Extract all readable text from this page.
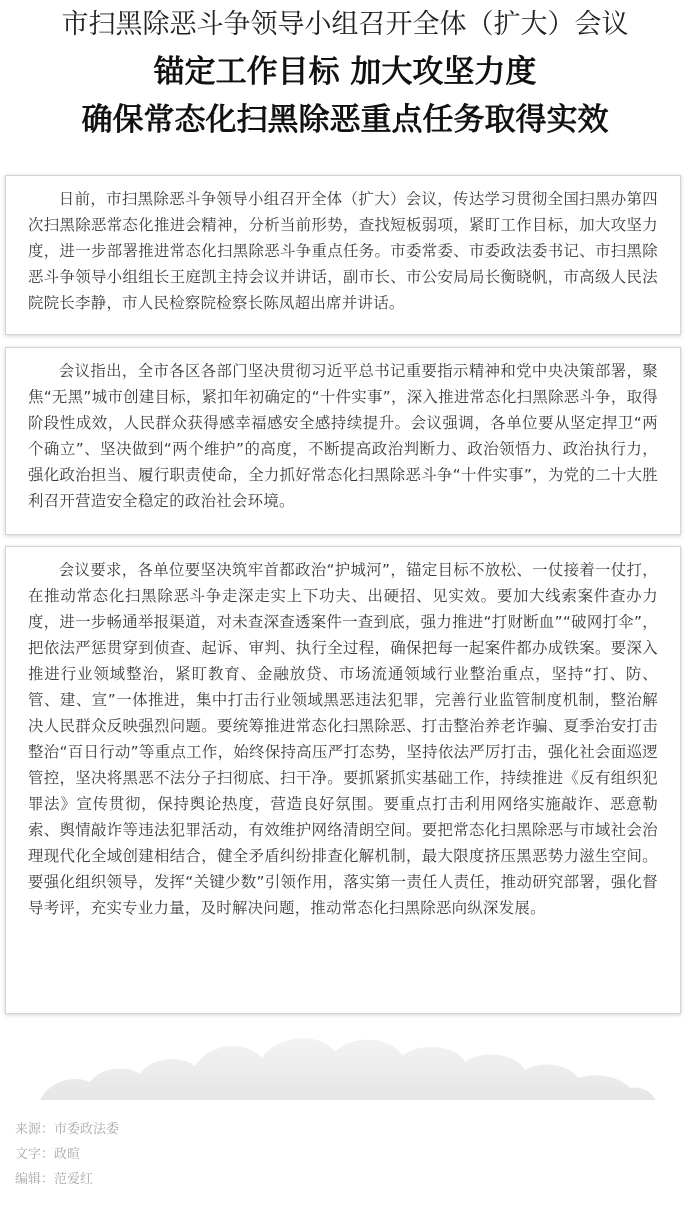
市扫黑除恶斗争领导小组召开全体（扩大）会议
锚定工作目标 加大攻坚力度
确保常态化扫黑除恶重点任务取得实效

日前，市扫黑除恶斗争领导小组召开全体（扩大）会议，传达学习贯彻全国扫黑办第四次扫黑除恶常态化推进会精神，分析当前形势，查找短板弱项，紧盯工作目标，加大攻坚力度，进一步部署推进常态化扫黑除恶斗争重点任务。市委常委、市委政法委书记、市扫黑除恶斗争领导小组组长王庭凯主持会议并讲话，副市长、市公安局局长衡晓帆，市高级人民法院院长李静，市人民检察院检察长陈凤超出席并讲话。

会议指出，全市各区各部门坚决贯彻习近平总书记重要指示精神和党中央决策部署，聚焦“无黑”城市创建目标，紧扣年初确定的“十件实事”，深入推进常态化扫黑除恶斗争，取得阶段性成效，人民群众获得感幸福感安全感持续提升。会议强调，各单位要从坚定捍卫“两个确立”、坚决做到“两个维护”的高度，不断提高政治判断力、政治领悟力、政治执行力，强化政治担当、履行职责使命，全力抓好常态化扫黑除恶斗争“十件实事”，为党的二十大胜利召开营造安全稳定的政治社会环境。

会议要求，各单位要坚决筑牢首都政治“护城河”，锚定目标不放松、一仗接着一仗打，在推动常态化扫黑除恶斗争走深走实上下功夫、出硬招、见实效。要加大线索案件查办力度，进一步畅通举报渠道，对未查深查透案件一查到底，强力推进“打财断血”“破网打伞”，把依法严惩贯穿到侦查、起诉、审判、执行全过程，确保把每一起案件都办成铁案。要深入推进行业领域整治，紧盯教育、金融放贷、市场流通领域行业整治重点，坚持“打、防、管、建、宣”一体推进，集中打击行业领域黑恶违法犯罪，完善行业监管制度机制，整治解决人民群众反映强烈问题。要统筹推进常态化扫黑除恶、打击整治养老诈骗、夏季治安打击整治“百日行动”等重点工作，始终保持高压严打态势，坚持依法严厉打击，强化社会面巡逻管控，坚决将黑恶不法分子扫彻底、扫干净。要抓紧抓实基础工作，持续推进《反有组织犯罪法》宣传贯彻，保持舆论热度，营造良好氛围。要重点打击利用网络实施敲诈、恶意勒索、舆情敲诈等违法犯罪活动，有效维护网络清朗空间。要把常态化扫黑除恶与市域社会治理现代化全域创建相结合，健全矛盾纠纷排查化解机制，最大限度挤压黑恶势力滋生空间。要强化组织领导，发挥“关键少数”引领作用，落实第一责任人责任，推动研究部署，强化督导考评，充实专业力量，及时解决问题，推动常态化扫黑除恶向纵深发展。

来源：市委政法委
文字：政暄
编辑：范爱红
